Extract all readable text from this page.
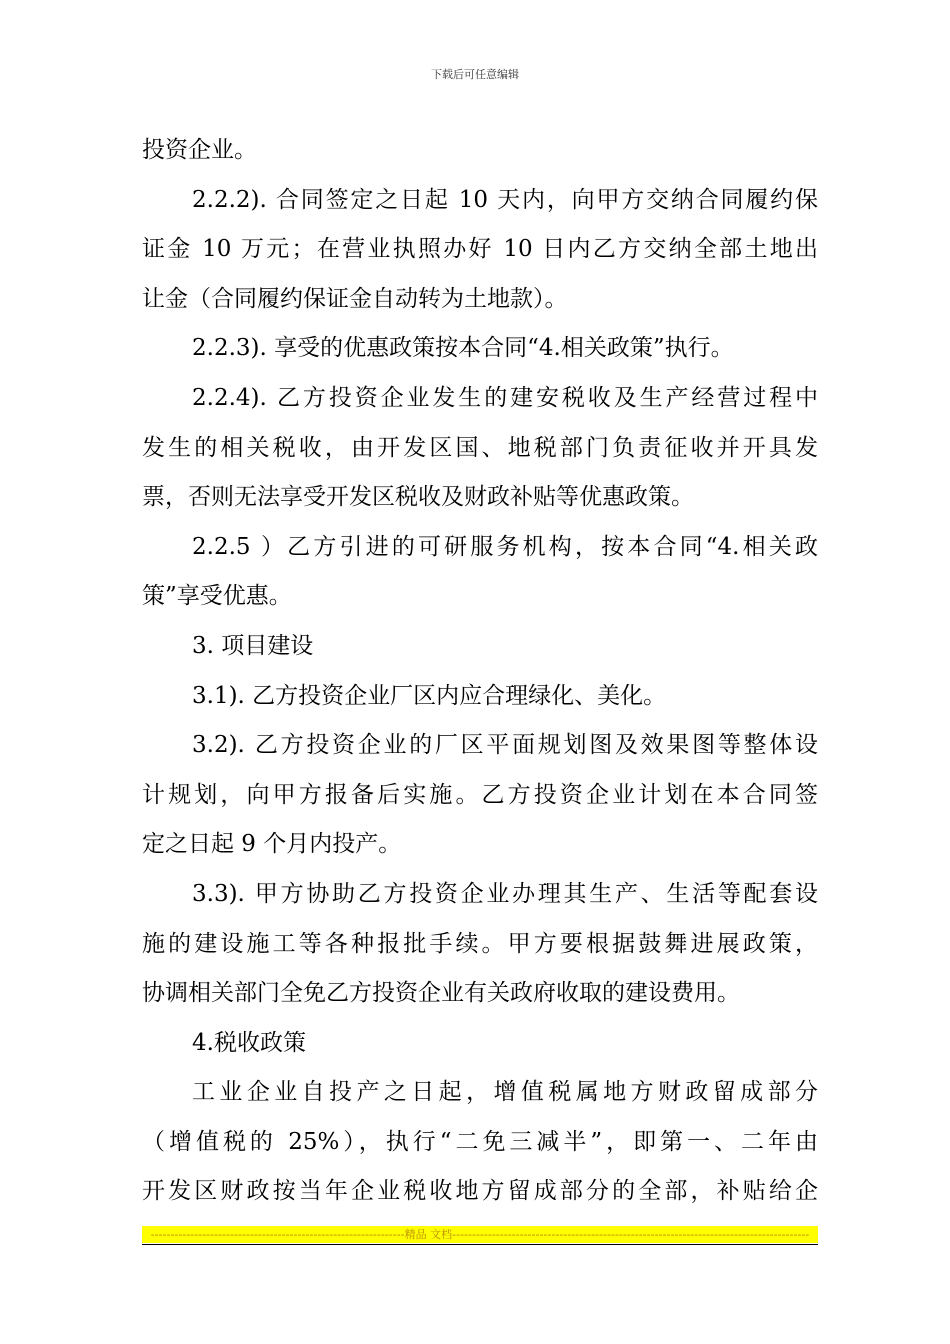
下载后可任意编辑
投资企业。
2.2.2). 合同签定之日起 10 天内，向甲方交纳合同履约保
证金 10 万元；在营业执照办好 10 日内乙方交纳全部土地出
让金（合同履约保证金自动转为土地款）。
2.2.3). 享受的优惠政策按本合同“4.相关政策”执行。
2.2.4). 乙方投资企业发生的建安税收及生产经营过程中
发生的相关税收，由开发区国、地税部门负责征收并开具发
票，否则无法享受开发区税收及财政补贴等优惠政策。
2.2.5 ）乙方引进的可研服务机构，按本合同“4.相关政
策”享受优惠。
3. 项目建设
3.1). 乙方投资企业厂区内应合理绿化、美化。
3.2). 乙方投资企业的厂区平面规划图及效果图等整体设
计规划，向甲方报备后实施。乙方投资企业计划在本合同签
定之日起 9 个月内投产。
3.3). 甲方协助乙方投资企业办理其生产、生活等配套设
施的建设施工等各种报批手续。甲方要根据鼓舞进展政策，
协调相关部门全免乙方投资企业有关政府收取的建设费用。
4.税收政策
工业企业自投产之日起，增值税属地方财政留成部分
（增值税的 25%），执行“二免三减半”，即第一、二年由
开发区财政按当年企业税收地方留成部分的全部，补贴给企
----------------------------------------------------------------精品 文档------------------------------------------------------------------------------------------
